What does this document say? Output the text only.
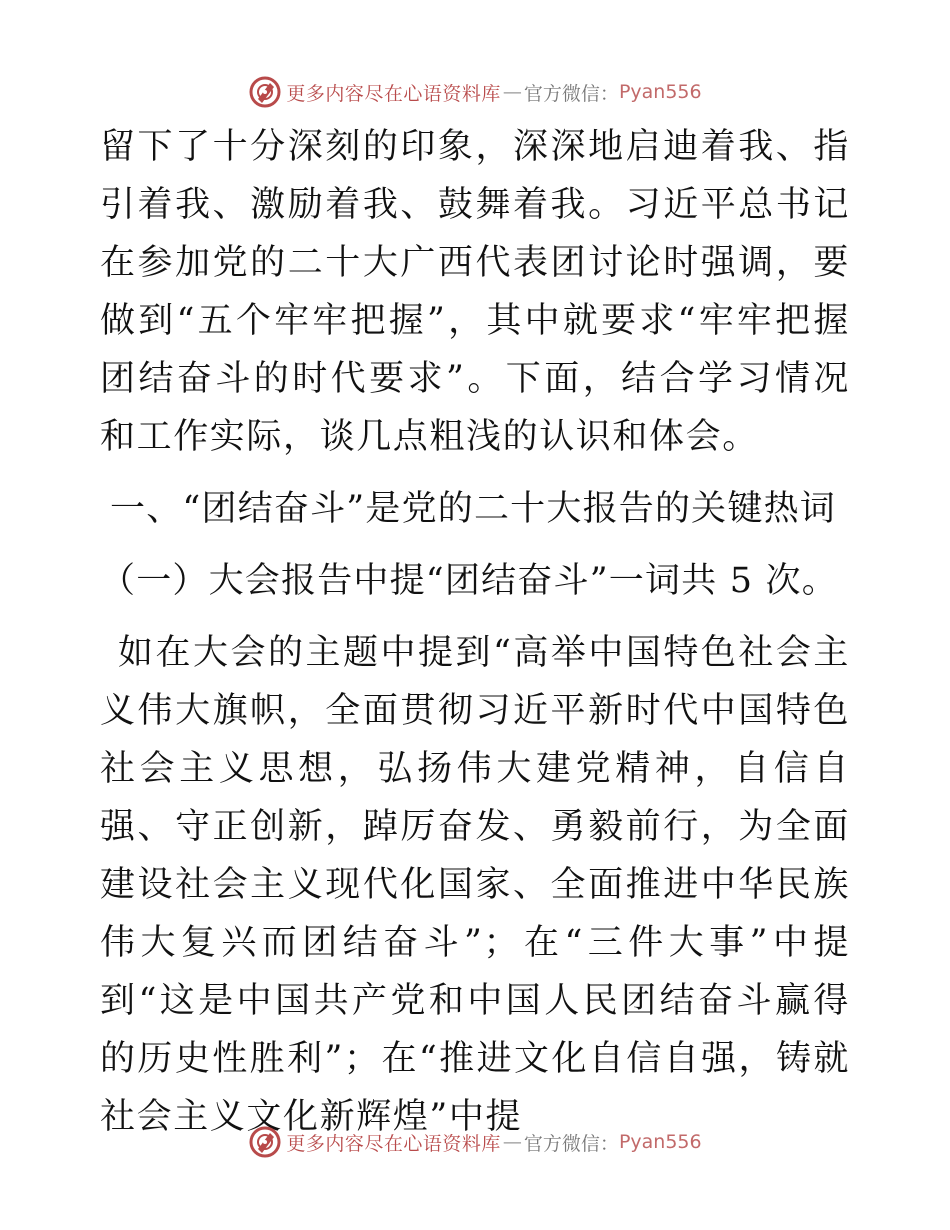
更多内容尽在心语资料库 — 官方微信： Pyan556

留下了十分深刻的印象，深深地启迪着我、指引着我、激励着我、鼓舞着我。习近平总书记在参加党的二十大广西代表团讨论时强调，要做到“五个牢牢把握”，其中就要求“牢牢把握团结奋斗的时代要求”。下面，结合学习情况和工作实际，谈几点粗浅的认识和体会。

一、“团结奋斗”是党的二十大报告的关键热词

（一）大会报告中提“团结奋斗”一词共 5 次。

如在大会的主题中提到“高举中国特色社会主义伟大旗帜，全面贯彻习近平新时代中国特色社会主义思想，弘扬伟大建党精神，自信自强、守正创新，踔厉奋发、勇毅前行，为全面建设社会主义现代化国家、全面推进中华民族伟大复兴而团结奋斗”；在“三件大事”中提到“这是中国共产党和中国人民团结奋斗赢得的历史性胜利”；在“推进文化自信自强，铸就社会主义文化新辉煌”中提

更多内容尽在心语资料库 — 官方微信： Pyan556
